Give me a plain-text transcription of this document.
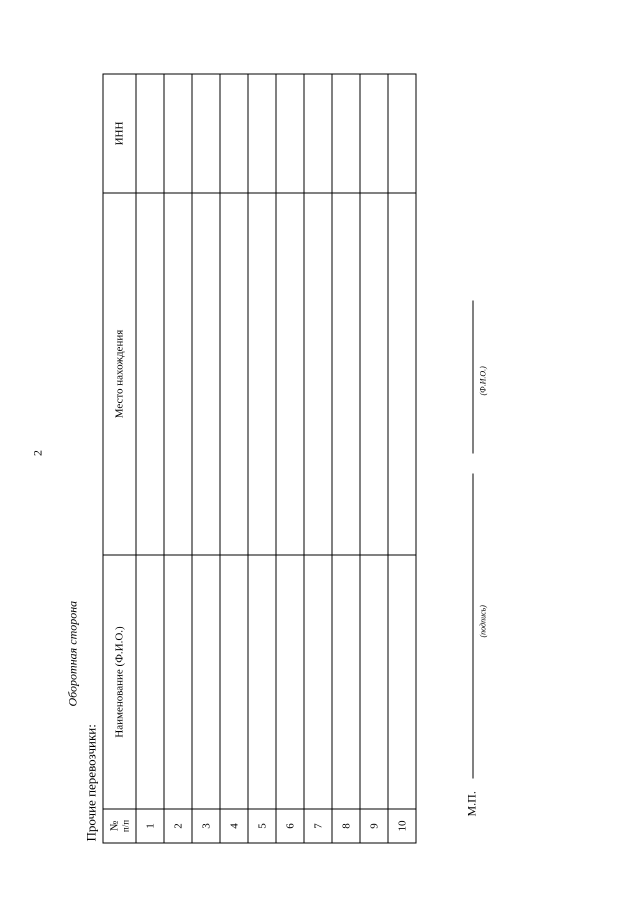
2
Оборотная сторона
Прочие перевозчики: № п/п	Наименование (Ф.И.О.)	Место нахождения	ИНН
1			
2			
3			
4			
5			
6			
7			
8			
9			
10			
М.П.
(подпись)
(Ф.И.О.)
